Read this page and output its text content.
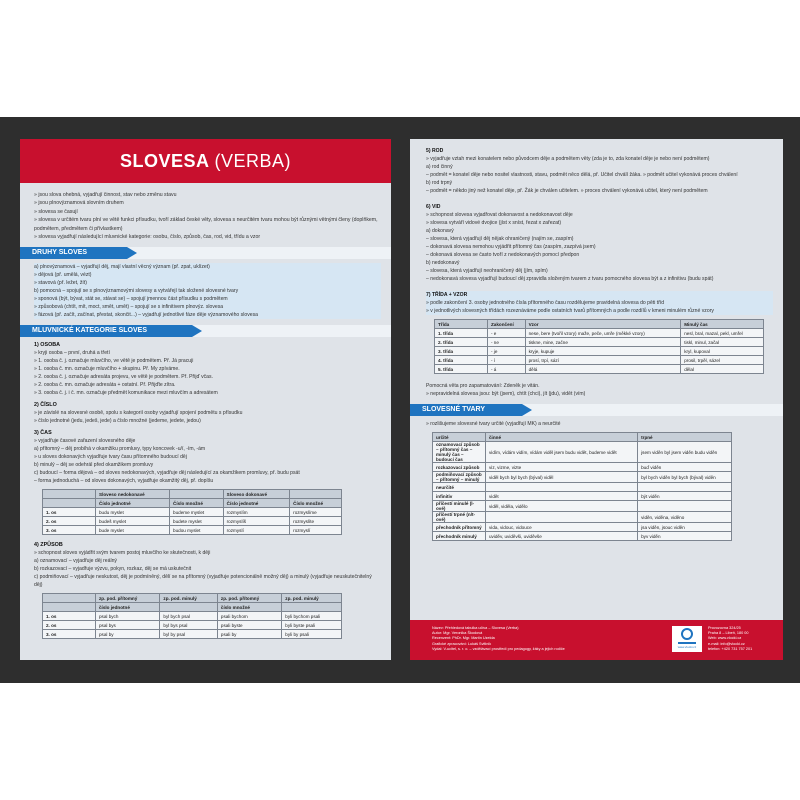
SLOVESA (VERBA)
» jsou slova ohebná, vyjadřují činnost, stav nebo změnu stavu
» jsou plnovýznamová slovním druhem
» slovesa se časují
» slovesa v určitém tvaru plní ve větě funkci přísudku, tvoří základ české věty, slovesa s neurčitém tvaru mohou být různými větnými členy (doplňkem, podmětem, předmětem či přívlastkem)
» slovesa vyjadřují následující mluvnické kategorie: osobu, číslo, způsob, čas, rod, vid, třídu a vzor
DRUHY SLOVES
a) plnovýznamová – vyjadřují děj, mají vlastní věcný význam (př. zpat, uklízet)
» dějová (př. umělá, vézt)
» stavová (př. ležet, žít)
b) pomocná – spojují se s plnovýznamovými slovesy a vytvářejí tak složené slovesné tvary
» sponová (být, bývat, stát se, stávat se) – spojují jmennou část přísudku s podmětem
» způsobová (chtít, mít, moct, smět, umět) – spojují se s infinitivem plnovýz. slovesa
» fázová (př. začít, začínat, přestat, skončit...) – vyjadřují jednotlivé fáze děje významového slovesa
MLUVNICKÉ KATEGORIE SLOVES
1) OSOBA
» kryji osoba – první, druhá a třetí
» 1. osoba č. j. označuje mluvčího, ve větě je podmětem. Př. Já pracuji
» 1. osoba č. mn. označuje mluvčího + skupinu. Př. My zpíváme.
» 2. osoba č. j. označuje adresáta projevu, ve větě je podmětem. Př. Přijď včas.
» 2. osoba č. mn. označuje adresáta + ostatní. Př. Přijďte zítra.
» 3. osoba č. j. i č. mn. označuje předmět komunikace mezi mluvčím a adresátem
2) ČÍSLO
» je závislé na slovesné osobě, spolu s kategorií osoby vyjadřují spojení podmětu s přísudku
» číslo jednotné (jedu, jedeš, jede) a číslo množné (jedeme, jedete, jedou)
3) ČAS
» vyjadřuje časové zařazení slovesného děje
a) přítomný – děj probíhá v okamžiku promluvy, typy koncovek -u/í, -ím, -ám
» u sloves dokonavých vyjadřuje tvary času přítomného budoucí děj
b) minulý – děj se odehrál před okamžikem promluvy
c) budoucí – forma dějová – od sloves nedokonavých, vyjadřuje děj následující za okamžikem promluvy, př. budu psát
– forma jednoduchá – od sloves dokonavých, vyjadřuje okamžitý děj, př. dopíšu
	Sloveso nedokonavé		Sloveso dokonavé	
	Číslo jednotné	Číslo množné	Číslo jednotné	Číslo množné
1. os	budu myslet	budeme myslet	rozmyslím	rozmyslíme
2. os	budeš myslet	budete myslet	rozmyslíš	rozmyslíte
3. os	bude myslet	budou myslet	rozmyslí	rozmyslí
4) ZPŮSOB
» schopnost sloves vyjádřit svým tvarem postoj mluvčího ke skutečnosti, k ději
a) oznamovací – vyjadřuje děj reálný
b) rozkazovací – vyjadřuje výzvu, pokyn, rozkaz, děj se má uskutečnit
c) podmiňovací – vyjadřuje neskutost, děj je podmíněný, dělí se na přítomný (vyjadřuje potencionálně možný děj) a minulý (vyjadřuje neuskutečnitelný děj)
	zp. pod. přítomný	zp. pod. minulý	zp. pod. přítomný	zp. pod. minulý
	číslo jednotné		číslo množné	
1. os	psal bych	byl bych psal	psali bychom	byli bychom psali
2. os	psal bys	byl bys psal	psali byste	byli byste psali
3. os	psal by	byl by psal	psali by	byli by psali
5) ROD
» vyjadřuje vztah mezi konatelem nebo původcem děje a podmětem věty (zda je to, zda konatel děje je nebo není podmětem)
a) rod činný
– podmět = konatel děje nebo nositel vlastnosti, stavu, podmět něco dělá, př. Učitel chválí žáka. » podmět učitel vykonává proces chválení
b) rod trpný
– podmět = někdo jiný než konatel děje, př. Žák je chválen učitelem. » proces chválení vykonává učitel, který není podmětem
6) VID
» schopnost slovesa vyjadřovat dokonavost a nedokonavost děje
» slovesa vytváří vidové dvojice (jíst x sníst, řezat x zařezat)
a) dokonavý
– slovesa, která vyjadřují děj nějak ohraničený (najím se, zaspím)
– dokonavá slovesa nemohou vyjádřit přítomný čas (zaspím, zazpívá jsem)
– dokonavá slovesa se často tvoří z nedokonavých pomocí předpon
b) nedokonavý
– slovesa, která vyjadřují neohraničený děj (jím, spím)
– nedokonavá slovesa vyjadřují budoucí děj zpravidla složeným tvarem z tvaru pomocného slovesa být a z infinitivu (budu spát)
7) TŘÍDA + VZOR
» podle zakončení 3. osoby jednotného čísla přítomného času rozdělujeme pravidelná slovesa do pěti tříd
» v jednotlivých slovesných třídách rozeznáváme podle ostatních tvarů přítomných a podle rozdílů v kmeni minulém různé vzory
Třída	Zakončení	Vzor	Minulý čas
1. třída	- e	nese, bere (tvořil vzory) maže, peče, umře (měkké vzory)	nesl, bral, mazal, pekl, umřel
2. třída	- ne	tiskne, mine, začne	tiskl, minul, začal
3. třída	- je	kryje, kupuje	kryl, kupoval
4. třída	- í	prosí, trpí, sází	prosil, trpěl, sázel
5. třída	- á	dělá	dělal
Pomocná věta pro zapamatování: Zdeněk je vitán.
» nepravidelná slovesa jsou: být (jsem), chtít (chci), jít (jdu), vidět (vím)
SLOVESNÉ TVARY
» rozlišujeme slovesné tvary určité (vyjadřují MK) a neurčité
určité	činné	trpné
oznamovací způsob – přítomný čas – minulý čas – budoucí čas	vidím, vídám vidím, vídám viděl jsem budu vidět, budeme vidět	jsem viděn byl jsem viděn budu viděn
rozkazovací způsob	viz, vizme, vizte	buď viděn
podmiňovací způsob – přítomný – minulý	viděl bych byl bych (býval) viděl	byl bych viděn byl bych (býval) viděn
neurčité		
infinitiv	vidět	být viděn
příčestí minulé (l-ové)	viděl, viděla, vidělo	
příčestí trpné (n/t-ové)		viděn, viděna, viděno
přechodník přítomný	vida, vidouc, vidouce	jsa viděn, jsouc viděn
přechodník minulý	uviděv, uviděvši, uviděvše	byv viděn
Název: Přehledová tabulka učiva – Slovesa (Verba)
Autor: Mgr. Veronika Škodová
Recenzent: PhDr. Mgr. Martin Uzelda
Grafické zpracování: Lukáš Svitlnik
Vydal: V-ucitel, s. r. o. – vzdělávací prostředí pro pedagogy, žáky a jejich rodiče	www.vlocki.cz
Provozovna 324/25
Praha 8 – Libeň, 180 00
Web: www.vlocki.cz
e-mail: info@vlocki.cz
telefon: +420 731 757 201
